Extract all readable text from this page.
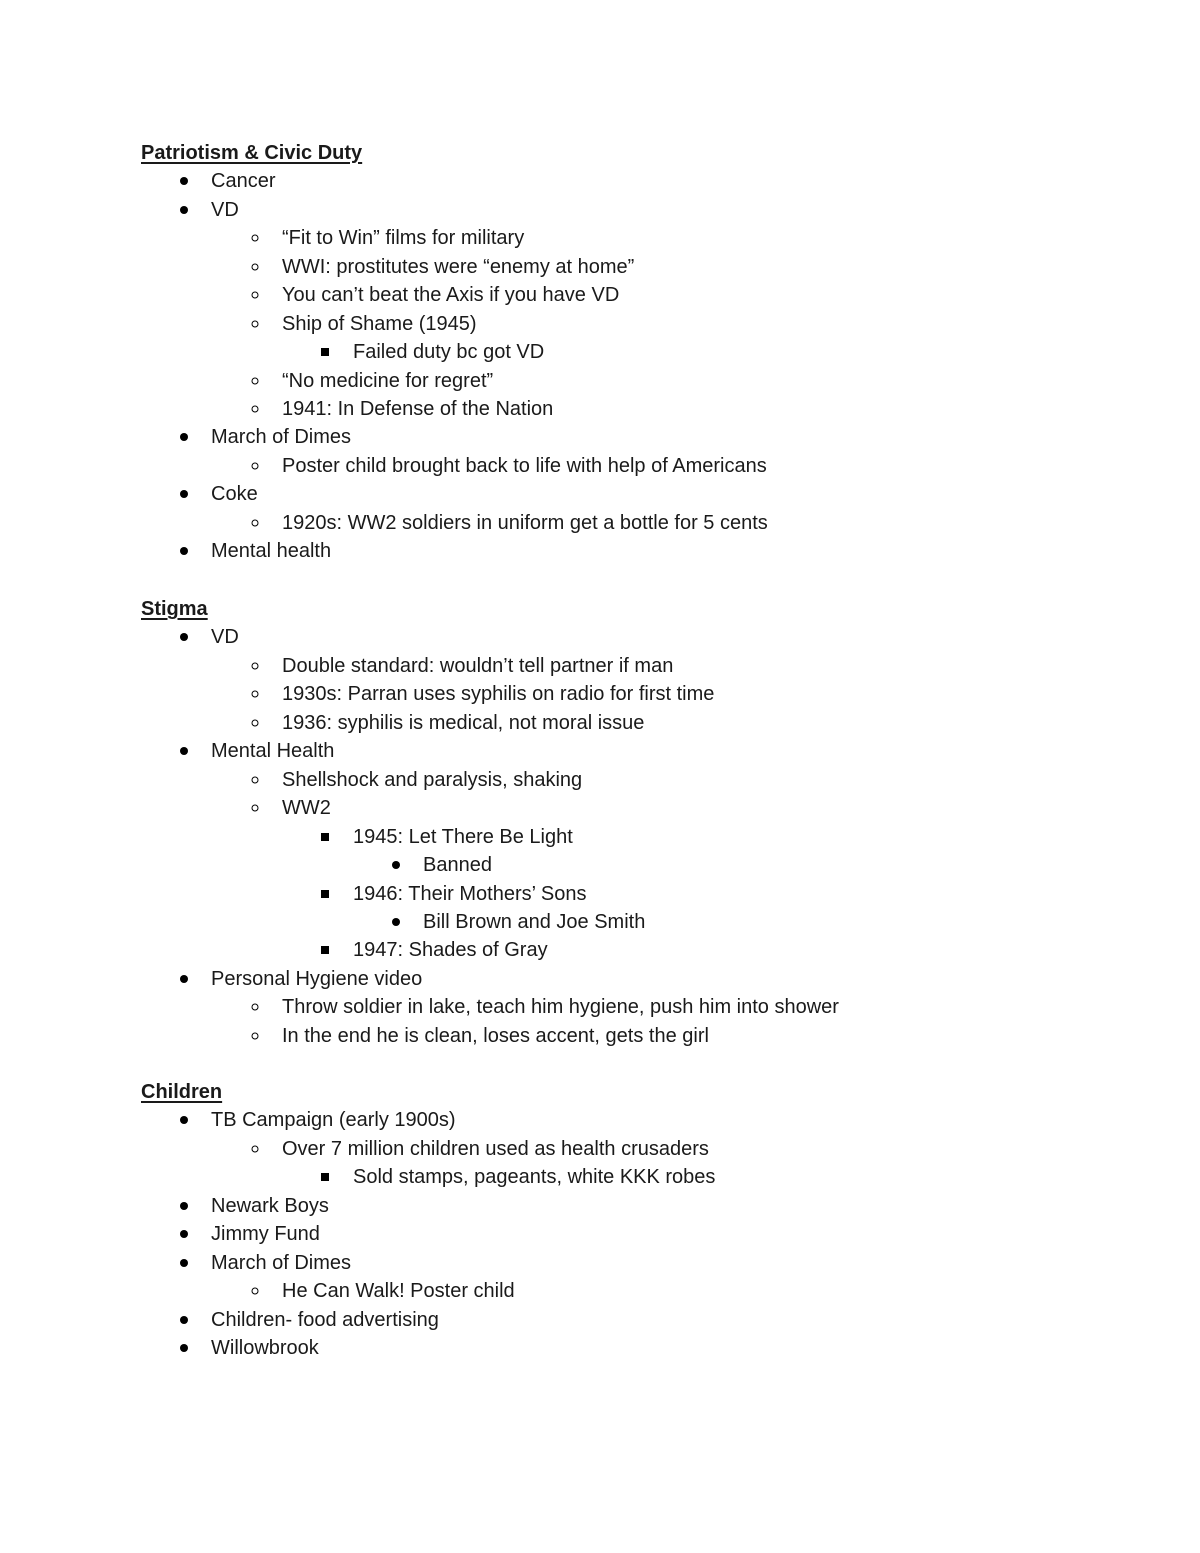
Patriotism & Civic Duty
Cancer
VD
“Fit to Win” films for military
WWI: prostitutes were “enemy at home”
You can’t beat the Axis if you have VD
Ship of Shame (1945)
Failed duty bc got VD
“No medicine for regret”
1941: In Defense of the Nation
March of Dimes
Poster child brought back to life with help of Americans
Coke
1920s: WW2 soldiers in uniform get a bottle for 5 cents
Mental health
Stigma
VD
Double standard: wouldn’t tell partner if man
1930s: Parran uses syphilis on radio for first time
1936: syphilis is medical, not moral issue
Mental Health
Shellshock and paralysis, shaking
WW2
1945: Let There Be Light
Banned
1946: Their Mothers’ Sons
Bill Brown and Joe Smith
1947: Shades of Gray
Personal Hygiene video
Throw soldier in lake, teach him hygiene, push him into shower
In the end he is clean, loses accent, gets the girl
Children
TB Campaign (early 1900s)
Over 7 million children used as health crusaders
Sold stamps, pageants, white KKK robes
Newark Boys
Jimmy Fund
March of Dimes
He Can Walk! Poster child
Children- food advertising
Willowbrook
